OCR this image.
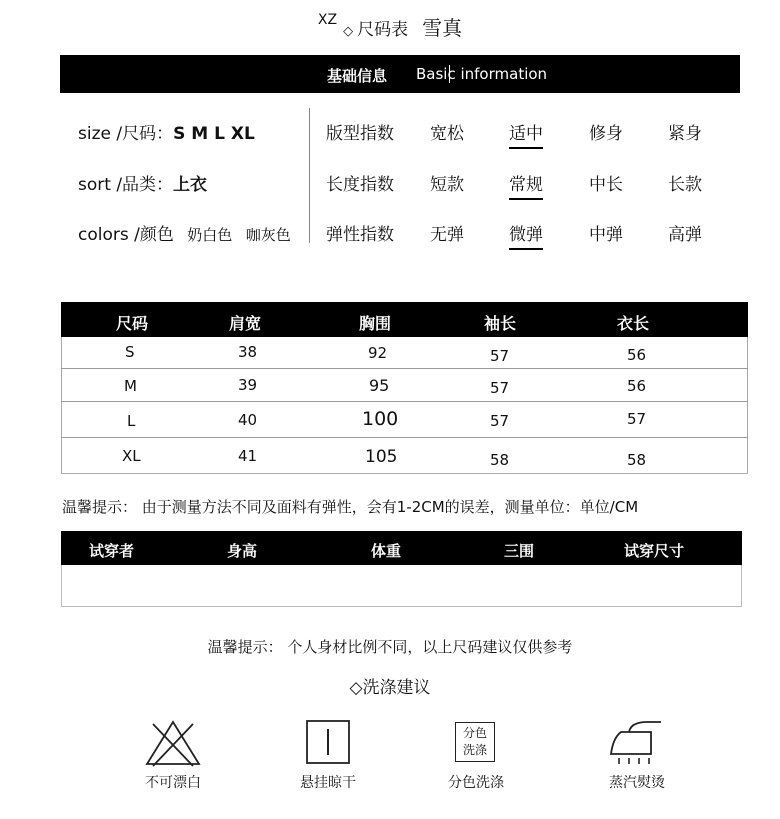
$^{XZ}$◇ 尺码表 雪真
基础信息 Basic information
size /尺码：S M L XL
sort /品类：上衣
colors /颜色 奶白色 咖灰色
版型指数 宽松	适中	修身	紧身
长度指数 短款	常规	中长	长款
弹性指数 无弹	微弹	中弹	高弹
尺码	肩宽	胸围	袖长	衣长
S	38	92	57	56
M	39	95	57	56
L	40	100	57	57
XL	41	105	58	58
温馨提示： 由于测量方法不同及面料有弹性，会有1-2CM的误差，测量单位：单位/CM
试穿者	身高	体重	三围	试穿尺寸
温馨提示： 个人身材比例不同，以上尺码建议仅供参考
◇洗涤建议
不可漂白	悬挂晾干
分色
洗涤
分色洗涤	蒸汽熨烫
